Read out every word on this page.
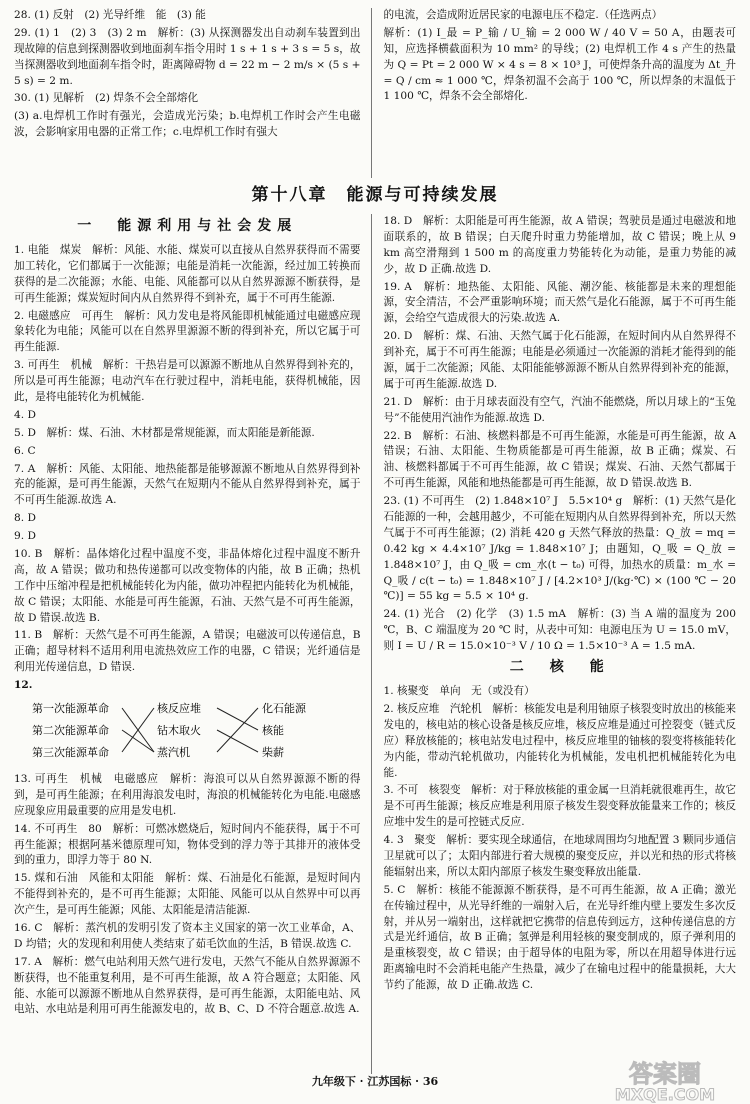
28. (1) 反射　(2) 光导纤维　能　(3) 能
29. (1) 1　(2) 3　(3) 2 m　解析：(3) 从探测器发出自动刹车装置到出现故障的信息到探测器收到地面刹车指令用时 1 s + 1 s + 3 s = 5 s，故当探测器收到地面刹车指令时，距离障碍物 d = 22 m − 2 m/s × (5 s + 5 s) = 2 m.
30. (1) 见解析　(2) 焊条不会全部熔化
(3) a.电焊机工作时有强光，会造成光污染；b.电焊机工作时会产生电磁波，会影响家用电器的正常工作；c.电焊机工作时有强大
的电流，会造成附近居民家的电源电压不稳定.（任选两点）
解析：(1) I_最 = P_输 / U_输 = 2 000 W / 40 V = 50 A，由题表可知，应选择横截面积为 10 mm² 的导线；(2) 电焊机工作 4 s 产生的热量为 Q = Pt = 2 000 W × 4 s = 8 × 10³ J，可使焊条升高的温度为 Δt_升 = Q / cm ≈ 1 000 ℃，焊条初温不会高于 100 ℃，所以焊条的末温低于 1 100 ℃，焊条不会全部熔化.
第十八章　能源与可持续发展
一　能源利用与社会发展
1. 电能　煤炭　解析：风能、水能、煤炭可以直接从自然界获得而不需要加工转化，它们都属于一次能源；电能是消耗一次能源，经过加工转换而获得的是二次能源；水能、电能、风能都可以从自然界源源不断获得，是可再生能源；煤炭短时间内从自然界得不到补充，属于不可再生能源.
2. 电磁感应　可再生　解析：风力发电是将风能即机械能通过电磁感应现象转化为电能；风能可以在自然界里源源不断的得到补充，所以它属于可再生能源.
3. 可再生　机械　解析：干热岩是可以源源不断地从自然界得到补充的，所以是可再生能源；电动汽车在行驶过程中，消耗电能，获得机械能，因此，是将电能转化为机械能.
4. D
5. D　解析：煤、石油、木材都是常规能源，而太阳能是新能源.
6. C
7. A　解析：风能、太阳能、地热能都是能够源源不断地从自然界得到补充的能源，是可再生能源，天然气在短期内不能从自然界得到补充，属于不可再生能源.故选 A.
8. D
9. D
10. B　解析：晶体熔化过程中温度不变，非晶体熔化过程中温度不断升高，故 A 错误；做功和热传递都可以改变物体的内能，故 B 正确；热机工作中压缩冲程是把机械能转化为内能，做功冲程把内能转化为机械能，故 C 错误；太阳能、水能是可再生能源，石油、天然气是不可再生能源，故 D 错误.故选 B.
11. B　解析：天然气是不可再生能源，A 错误；电磁波可以传递信息，B 正确；超导材料不适用利用电流热效应工作的电器，C 错误；光纤通信是利用光传递信息，D 错误.
12.
第一次能源革命
第二次能源革命
第三次能源革命
核反应堆
钻木取火
蒸汽机
化石能源
核能
柴薪
13. 可再生　机械　电磁感应　解析：海浪可以从自然界源源不断的得到，是可再生能源；在利用海浪发电时，海浪的机械能转化为电能.电磁感应现象应用最重要的应用是发电机.
14. 不可再生　80　解析：可燃冰燃烧后，短时间内不能获得，属于不可再生能源；根据阿基米德原理可知，物体受到的浮力等于其排开的液体受到的重力，即浮力等于 80 N.
15. 煤和石油　风能和太阳能　解析：煤、石油是化石能源，是短时间内不能得到补充的，是不可再生能源；太阳能、风能可以从自然界中可以再次产生，是可再生能源；风能、太阳能是清洁能源.
16. C　解析：蒸汽机的发明引发了资本主义国家的第一次工业革命，A、D 均错；火的发现和利用使人类结束了茹毛饮血的生活，B 错误.故选 C.
17. A　解析：燃气电站利用天然气进行发电，天然气不能从自然界源源不断获得，也不能重复利用，是不可再生能源，故 A 符合题意；太阳能、风能、水能可以源源不断地从自然界获得，是可再生能源，太阳能电站、风电站、水电站是利用可再生能源发电的，故 B、C、D 不符合题意.故选 A.
18. D　解析：太阳能是可再生能源，故 A 错误；驾驶员是通过电磁波和地面联系的，故 B 错误；白天爬升时重力势能增加，故 C 错误；晚上从 9 km 高空滑翔到 1 500 m 的高度重力势能转化为动能，是重力势能的减少，故 D 正确.故选 D.
19. A　解析：地热能、太阳能、风能、潮汐能、核能都是未来的理想能源，安全清洁，不会严重影响环境；而天然气是化石能源，属于不可再生能源，会给空气造成很大的污染.故选 A.
20. D　解析：煤、石油、天然气属于化石能源，在短时间内从自然界得不到补充，属于不可再生能源；电能是必须通过一次能源的消耗才能得到的能源，属于二次能源；风能、太阳能能够源源不断从自然界得到补充的能源，属于可再生能源.故选 D.
21. D　解析：由于月球表面没有空气，汽油不能燃烧，所以月球上的“玉兔号”不能使用汽油作为能源.故选 D.
22. B　解析：石油、核燃料都是不可再生能源，水能是可再生能源，故 A 错误；石油、太阳能、生物质能都是可再生能源，故 B 正确；煤炭、石油、核燃料都属于不可再生能源，故 C 错误；煤炭、石油、天然气都属于不可再生能源，风能和地热能都是可再生能源，故 D 错误.故选 B.
23. (1) 不可再生　(2) 1.848×10⁷ J　5.5×10⁴ g　解析：(1) 天然气是化石能源的一种，会越用越少，不可能在短期内从自然界得到补充，所以天然气属于不可再生能源；(2) 消耗 420 g 天然气释放的热量：Q_放 = mq = 0.42 kg × 4.4×10⁷ J/kg = 1.848×10⁷ J；由题知，Q_吸 = Q_放 = 1.848×10⁷ J，由 Q_吸 = cm_水(t − t₀) 可得，加热水的质量：m_水 = Q_吸 / c(t − t₀) = 1.848×10⁷ J / [4.2×10³ J/(kg·℃) × (100 ℃ − 20 ℃)] = 55 kg = 5.5 × 10⁴ g.
24. (1) 光合　(2) 化学　(3) 1.5 mA　解析：(3) 当 A 端的温度为 200 ℃，B、C 端温度为 20 ℃ 时，从表中可知：电源电压为 U = 15.0 mV，则 I = U / R = 15.0×10⁻³ V / 10 Ω = 1.5×10⁻³ A = 1.5 mA.
二　核　能
1. 核聚变　单向　无（或没有）
2. 核反应堆　汽轮机　解析：核能发电是利用铀原子核裂变时放出的核能来发电的，核电站的核心设备是核反应堆，核反应堆是通过可控裂变（链式反应）释放核能的；核电站发电过程中，核反应堆里的铀核的裂变将核能转化为内能，带动汽轮机做功，内能转化为机械能，发电机把机械能转化为电能.
3. 不可　核裂变　解析：对于释放核能的重金属一旦消耗就很难再生，故它是不可再生能源；核反应堆是利用原子核发生裂变释放能量来工作的；核反应堆中发生的是可控链式反应.
4. 3　聚变　解析：要实现全球通信，在地球周围均匀地配置 3 颗同步通信卫星就可以了；太阳内部进行着大规模的聚变反应，并以光和热的形式将核能辐射出来，所以太阳内部原子核发生聚变释放出能量.
5. C　解析：核能不能源源不断获得，是不可再生能源，故 A 正确；激光在传输过程中，从光导纤维的一端射入后，在光导纤维内壁上要发生多次反射，并从另一端射出，这样就把它携带的信息传到远方，这种传递信息的方式是光纤通信，故 B 正确；氢弹是利用轻核的聚变制成的，原子弹利用的是重核裂变，故 C 错误；由于超导体的电阻为零，所以在用超导体进行远距离输电时不会消耗电能产生热量，减少了在输电过程中的能量损耗，大大节约了能源，故 D 正确.故选 C.
九年级下 · 江苏国标 · 36	答案圈
MXQE.COM
